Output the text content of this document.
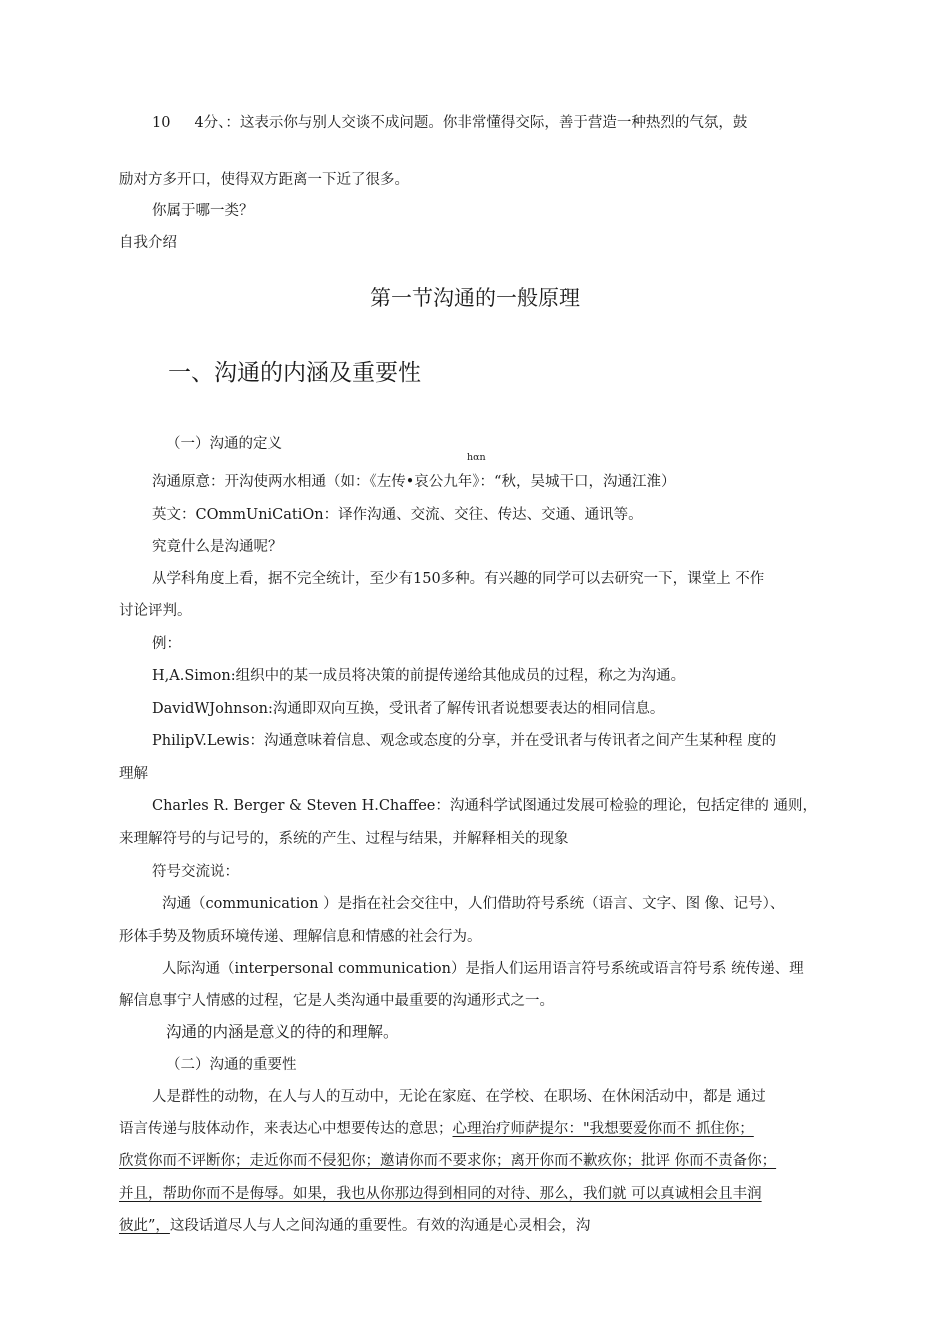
10 4分、：这表示你与别人交谈不成问题。你非常懂得交际，善于营造一种热烈的气氛，鼓
励对方多开口，使得双方距离一下近了很多。
你属于哪一类？
自我介绍
第一节沟通的一般原理
一、沟通的内涵及重要性
（一）沟通的定义
hαn
沟通原意：开沟使两水相通（如：《左传•哀公九年》：“秋，吴城干口，沟通江淮）
英文：COmmUniCatiOn：译作沟通、交流、交往、传达、交通、通讯等。
究竟什么是沟通呢？
从学科角度上看，据不完全统计，至少有150多种。有兴趣的同学可以去研究一下，课堂上 不作
讨论评判。
例：
H,A.Simon:组织中的某一成员将决策的前提传递给其他成员的过程，称之为沟通。
DavidWJohnson:沟通即双向互换，受讯者了解传讯者说想要表达的相同信息。
PhilipV.Lewis：沟通意味着信息、观念或态度的分享，并在受讯者与传讯者之间产生某种程 度的
理解
Charles R. Berger & Steven H.Chaffee：沟通科学试图通过发展可检验的理论，包括定律的 通则，
来理解符号的与记号的，系统的产生、过程与结果，并解释相关的现象
符号交流说：
沟通（communication ）是指在社会交往中，人们借助符号系统（语言、文字、图 像、记号）、
形体手势及物质环境传递、理解信息和情感的社会行为。
人际沟通（interpersonal communication）是指人们运用语言符号系统或语言符号系 统传递、理
解信息事宁人情感的过程，它是人类沟通中最重要的沟通形式之一。
沟通的内涵是意义的待的和理解。
（二）沟通的重要性
人是群性的动物，在人与人的互动中，无论在家庭、在学校、在职场、在休闲活动中，都是 通过
语言传递与肢体动作，来表达心中想要传达的意思；心理治疗师萨提尔："我想要爱你而不 抓住你；
欣赏你而不评断你；走近你而不侵犯你；邀请你而不要求你；离开你而不歉疚你；批评 你而不责备你；
并且，帮助你而不是侮辱。如果，我也从你那边得到相同的对待、那么，我们就 可以真诚相会且丰润
彼此”，这段话道尽人与人之间沟通的重要性。有效的沟通是心灵相会，沟
